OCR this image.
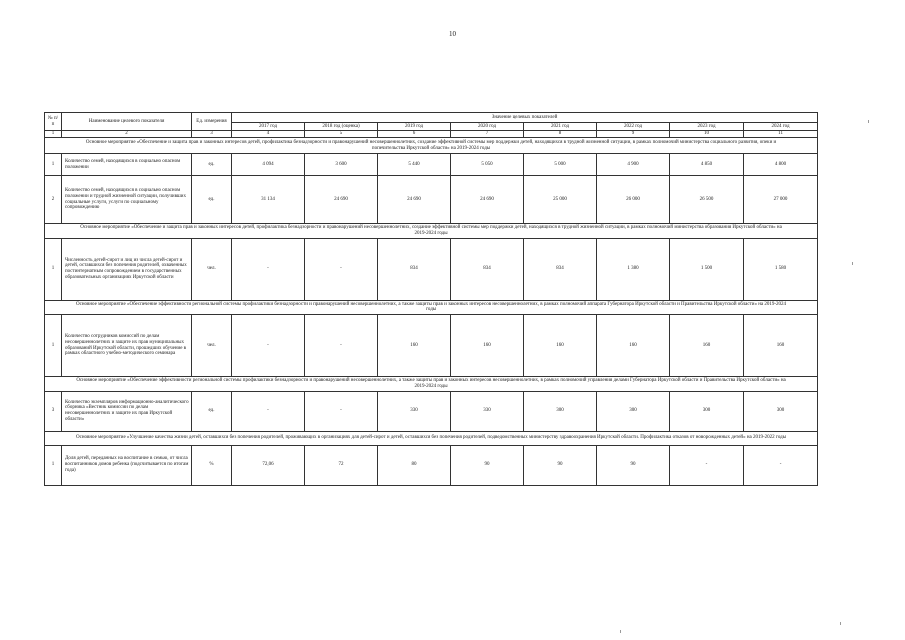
10
№ п/п	Наименование целевого показателя	Ед. измерения	Значение целевых показателей							
			2017 год	2018 год (оценка)	2019 год	2020 год	2021 год	2022 год	2023 год	2024 год
1	2	3	4	5	6	7	8	9	10	11
Основное мероприятие «Обеспечение и защита прав и законных интересов детей, профилактика безнадзорности и правонарушений несовершеннолетних, создание эффективной системы мер поддержки детей, находящихся в трудной жизненной ситуации, в рамках полномочий министерства социального развития, опеки и попечительства Иркутской области» на 2019-2024 годы										
1	Количество семей, находящихся в социально опасном положении	ед.	4 094	3 600	5 440	5 050	5 000	4 900	4 850	4 800
2	Количество семей, находящихся в социально опасном положении и трудной жизненной ситуации, получивших социальные услуги, услуги по социальному сопровождению	ед.	31 134	24 690	24 690	24 690	25 000	26 000	26 500	27 000
Основное мероприятие «Обеспечение и защита прав и законных интересов детей, профилактика безнадзорности и правонарушений несовершеннолетних, создание эффективной системы мер поддержки детей, находящихся в трудной жизненной ситуации, в рамках полномочий министерства образования Иркутской области» на 2019-2024 годы										
1	Численность детей-сирот и лиц из числа детей-сирот и детей, оставшихся без попечения родителей, охваченных постинтернатным сопровождением в государственных образовательных организациях Иркутской области	чел.	-	-	834	834	834	1 380	1 500	1 580
Основное мероприятие «Обеспечение эффективности региональной системы профилактики безнадзорности и правонарушений несовершеннолетних, а также защиты прав и законных интересов несовершеннолетних, в рамках полномочий аппарата Губернатора Иркутской области и Правительства Иркутской области» на 2019-2024 годы										
1	Количество сотрудников комиссий по делам несовершеннолетних и защите их прав муниципальных образований Иркутской области, прошедших обучение в рамках областного учебно-методического семинара	чел.	-	-	160	160	160	160	160	160
Основное мероприятие «Обеспечение эффективности региональной системы профилактики безнадзорности и правонарушений несовершеннолетних, а также защиты прав и законных интересов несовершеннолетних, в рамках полномочий управления делами Губернатора Иркутской области и Правительства Иркутской области» на 2019-2024 годы										
3	Количество экземпляров информационно-аналитического сборника «Вестник комиссии по делам несовершеннолетних и защите их прав Иркутской области»	ед.	-	-	330	330	300	300	300	300
Основное мероприятие «Улучшение качества жизни детей, оставшихся без попечения родителей, проживающих в организациях для детей-сирот и детей, оставшихся без попечения родителей, подведомственных министерству здравоохранения Иркутской области. Профилактика отказов от новорожденных детей» на 2019-2022 годы										
1	Доля детей, переданных на воспитание в семью, от числа воспитанников домов ребенка (подсчитывается по итогам года)	%	72,06	72	80	90	90	90	-	-
